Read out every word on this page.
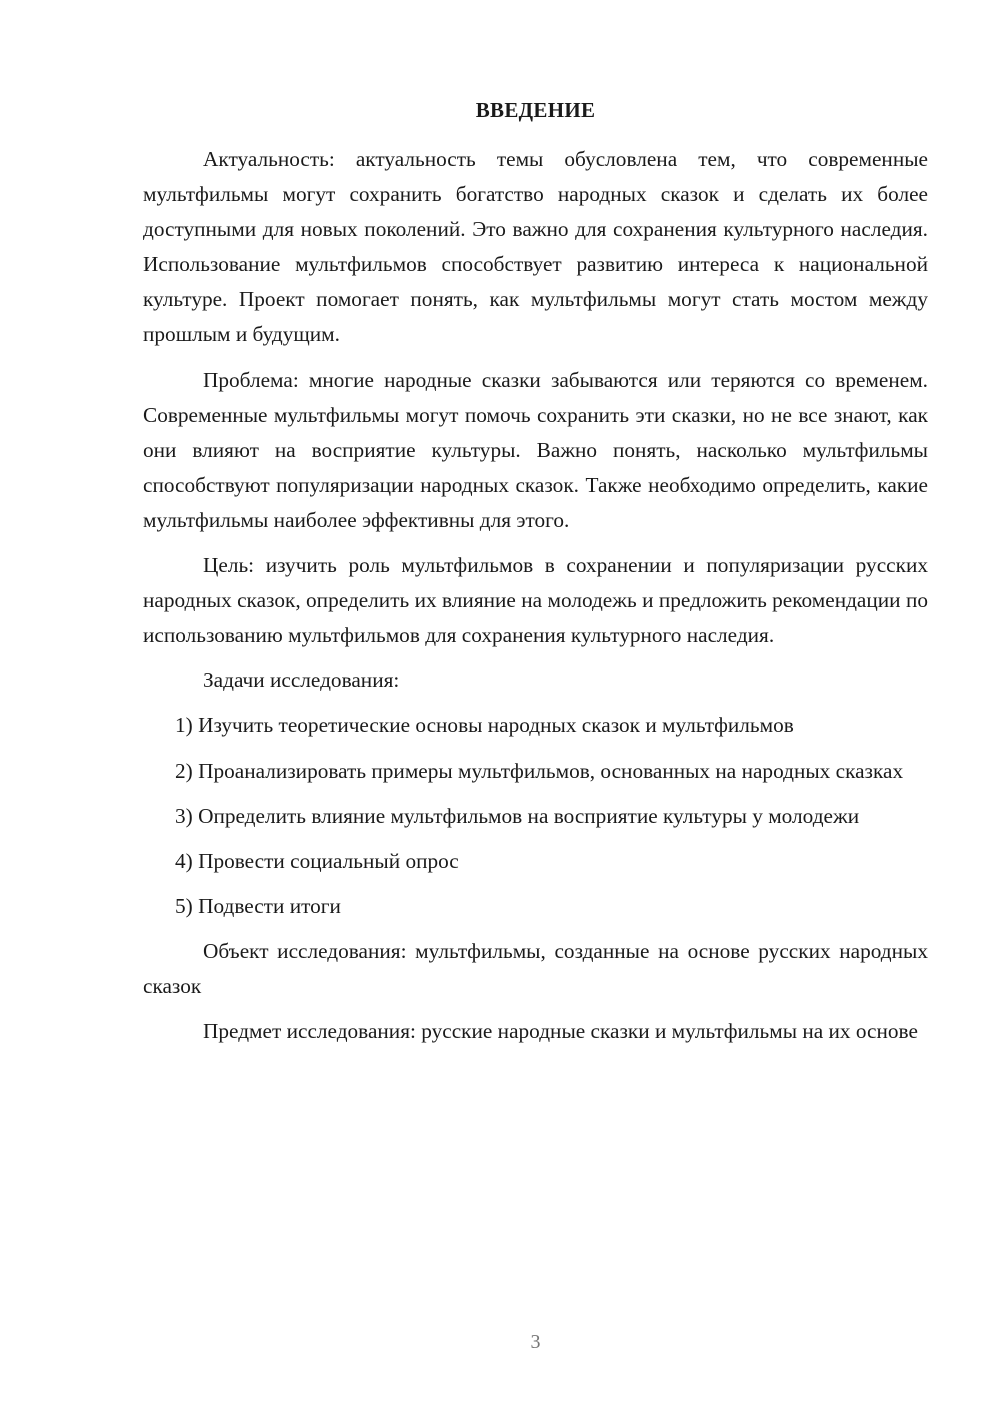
ВВЕДЕНИЕ

Актуальность: актуальность темы обусловлена тем, что современные мультфильмы могут сохранить богатство народных сказок и сделать их более доступными для новых поколений. Это важно для сохранения культурного наследия. Использование мультфильмов способствует развитию интереса к национальной культуре. Проект помогает понять, как мультфильмы могут стать мостом между прошлым и будущим.

Проблема: многие народные сказки забываются или теряются со временем. Современные мультфильмы могут помочь сохранить эти сказки, но не все знают, как они влияют на восприятие культуры. Важно понять, насколько мультфильмы способствуют популяризации народных сказок. Также необходимо определить, какие мультфильмы наиболее эффективны для этого.

Цель: изучить роль мультфильмов в сохранении и популяризации русских народных сказок, определить их влияние на молодежь и предложить рекомендации по использованию мультфильмов для сохранения культурного наследия.

Задачи исследования:

1) Изучить теоретические основы народных сказок и мультфильмов

2) Проанализировать примеры мультфильмов, основанных на народных сказках

3) Определить влияние мультфильмов на восприятие культуры у молодежи

4) Провести социальный опрос

5) Подвести итоги

Объект исследования: мультфильмы, созданные на основе русских народных сказок

Предмет исследования: русские народные сказки и мультфильмы на их основе

3
